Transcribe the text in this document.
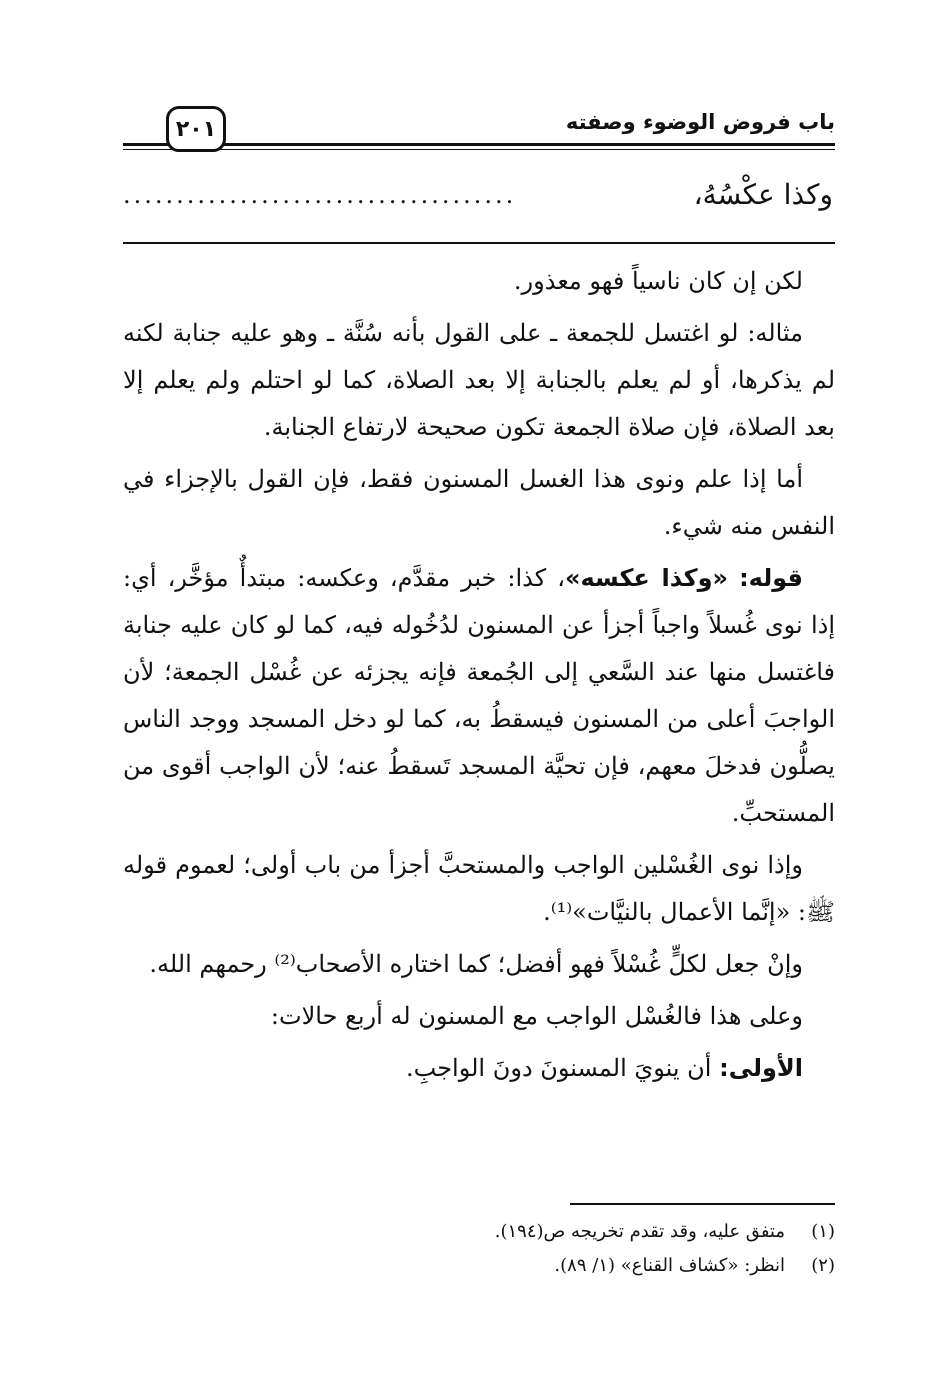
باب فروض الوضوء وصفته
٢٠١
وكذا عكْسُهُ،
.....................................

لكن إن كان ناسياً فهو معذور.

مثاله: لو اغتسل للجمعة ـ على القول بأنه سُنَّة ـ وهو عليه جنابة لكنه لم يذكرها، أو لم يعلم بالجنابة إلا بعد الصلاة، كما لو احتلم ولم يعلم إلا بعد الصلاة، فإن صلاة الجمعة تكون صحيحة لارتفاع الجنابة.

أما إذا علم ونوى هذا الغسل المسنون فقط، فإن القول بالإجزاء في النفس منه شيء.

قوله: «وكذا عكسه»، كذا: خبر مقدَّم، وعكسه: مبتدأٌ مؤخَّر، أي: إذا نوى غُسلاً واجباً أجزأ عن المسنون لدُخُوله فيه، كما لو كان عليه جنابة فاغتسل منها عند السَّعي إلى الجُمعة فإنه يجزئه عن غُسْل الجمعة؛ لأن الواجبَ أعلى من المسنون فيسقطُ به، كما لو دخل المسجد ووجد الناس يصلُّون فدخلَ معهم، فإن تحيَّة المسجد تَسقطُ عنه؛ لأن الواجب أقوى من المستحبِّ.

وإذا نوى الغُسْلين الواجب والمستحبَّ أجزأ من باب أولى؛ لعموم قوله ﷺ: «إنَّما الأعمال بالنيَّات»⁽¹⁾.

وإنْ جعل لكلٍّ غُسْلاً فهو أفضل؛ كما اختاره الأصحاب⁽²⁾ رحمهم الله.

وعلى هذا فالغُسْل الواجب مع المسنون له أربع حالات:

الأولى: أن ينويَ المسنونَ دونَ الواجبِ.

(١)
متفق عليه، وقد تقدم تخريجه ص(١٩٤).
(٢)
انظر: «كشاف القناع» (١/ ٨٩).
